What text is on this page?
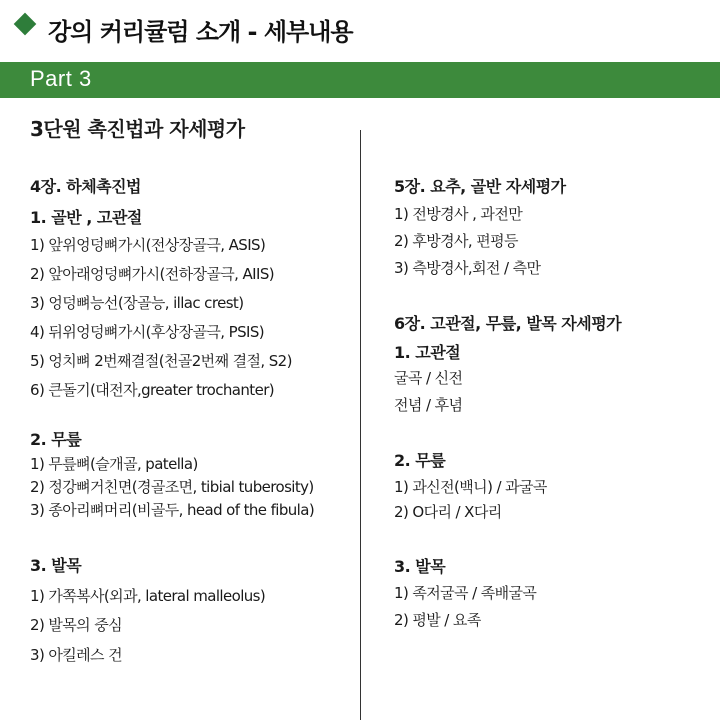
강의 커리큘럼 소개 - 세부내용
Part 3
3단원 촉진법과 자세평가
4장. 하체촉진법
1. 골반 , 고관절
1) 앞위엉덩뼈가시(전상장골극, ASIS)
2) 앞아래엉덩뼈가시(전하장골극, AIIS)
3) 엉덩뼈능선(장골능, illac crest)
4) 뒤위엉덩뼈가시(후상장골극, PSIS)
5) 엉치뼈 2번째결절(천골2번째 결절, S2)
6) 큰돌기(대전자,greater trochanter)
2. 무릎
1) 무릎뼈(슬개골, patella)
2) 정강뼈거친면(경골조면, tibial tuberosity)
3) 종아리뼈머리(비골두, head of the fibula)
3. 발목
1) 가쪽복사(외과, lateral malleolus)
2) 발목의 중심
3) 아킬레스 건
5장. 요추, 골반 자세평가
1) 전방경사 , 과전만
2) 후방경사, 편평등
3) 측방경사,회전 / 측만
6장. 고관절, 무릎, 발목 자세평가
1. 고관절
굴곡 / 신전
전념 / 후념
2. 무릎
1) 과신전(백니) / 과굴곡
2) O다리 / X다리
3. 발목
1) 족저굴곡 / 족배굴곡
2) 평발 / 요족
